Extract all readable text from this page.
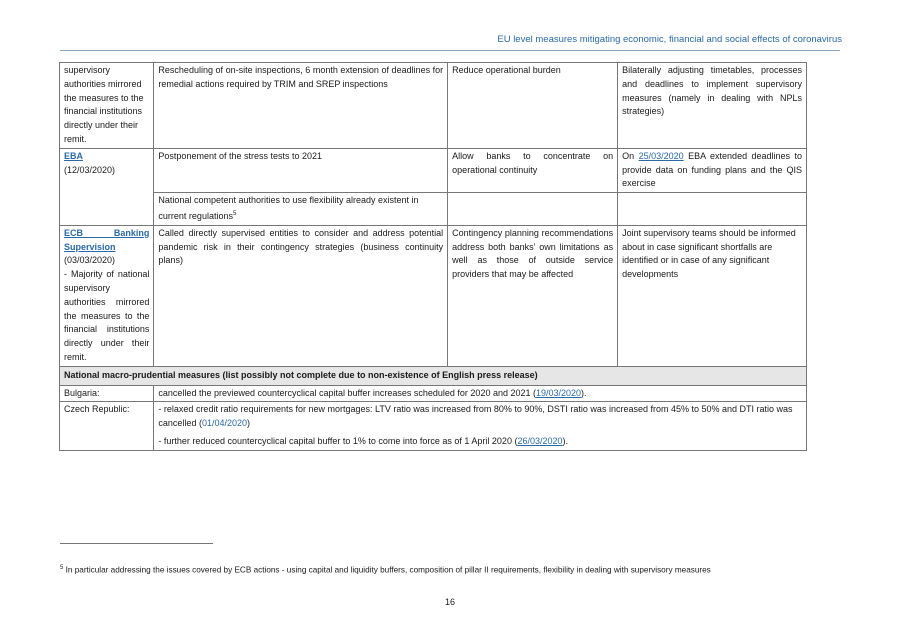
EU level measures mitigating economic, financial and social effects of coronavirus
supervisory authorities mirrored the measures to the financial institutions directly under their remit.	Rescheduling of on-site inspections, 6 month extension of deadlines for remedial actions required by TRIM and SREP inspections	Reduce operational burden	Bilaterally adjusting timetables, processes and deadlines to implement supervisory measures (namely in dealing with NPLs strategies)
EBA
(12/03/2020)	Postponement of the stress tests to 2021	Allow banks to concentrate on operational continuity	On 25/03/2020 EBA extended deadlines to provide data on funding plans and the QIS exercise
	National competent authorities to use flexibility already existent in current regulations$^5$		
ECB Banking Supervision
(03/03/2020)
- Majority of national supervisory authorities mirrored the measures to the financial institutions directly under their remit.	Called directly supervised entities to consider and address potential pandemic risk in their contingency strategies (business continuity plans)	Contingency planning recommendations address both banks’ own limitations as well as those of outside service providers that may be affected	Joint supervisory teams should be informed about in case significant shortfalls are identified or in case of any significant developments
National macro-prudential measures (list possibly not complete due to non-existence of English press release)			
Bulgaria:	cancelled the previewed countercyclical capital buffer increases scheduled for 2020 and 2021 (19/03/2020).		
Czech Republic:	- relaxed credit ratio requirements for new mortgages: LTV ratio was increased from 80% to 90%, DSTI ratio was increased from 45% to 50% and DTI ratio was cancelled (01/04/2020)
- further reduced countercyclical capital buffer to 1% to come into force as of 1 April 2020 (26/03/2020).		
$^5$ In particular addressing the issues covered by ECB actions - using capital and liquidity buffers, composition of pillar II requirements, flexibility in dealing with supervisory measures
16
